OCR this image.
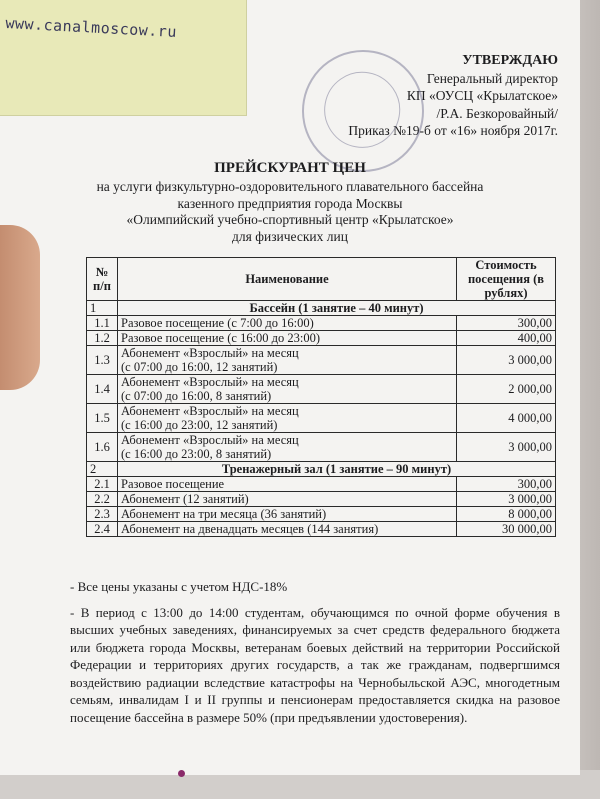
УТВЕРЖДАЮ
Генеральный директор
КП «ОУСЦ «Крылатское»
/Р.А. Безкоровайный/
Приказ №19-б от «16» ноября 2017г.
ПРЕЙСКУРАНТ ЦЕН
на услуги физкультурно-оздоровительного плавательного бассейна
казенного предприятия города Москвы
«Олимпийский учебно-спортивный центр «Крылатское»
для физических лиц
№ п/п	Наименование	Стоимость посещения (в рублях)
1	Бассейн (1 занятие – 40 минут)	
1.1	Разовое посещение (с 7:00 до 16:00)	300,00
1.2	Разовое посещение (с 16:00 до 23:00)	400,00
1.3	Абонемент «Взрослый» на месяц
(с 07:00 до 16:00, 12 занятий)	3 000,00
1.4	Абонемент «Взрослый» на месяц
(с 07:00 до 16:00, 8 занятий)	2 000,00
1.5	Абонемент «Взрослый» на месяц
(с 16:00 до 23:00, 12 занятий)	4 000,00
1.6	Абонемент «Взрослый» на месяц
(с 16:00 до 23:00, 8 занятий)	3 000,00
2	Тренажерный зал (1 занятие – 90 минут)	
2.1	Разовое посещение	300,00
2.2	Абонемент (12 занятий)	3 000,00
2.3	Абонемент на три месяца (36 занятий)	8 000,00
2.4	Абонемент на двенадцать месяцев (144 занятия)	30 000,00
- Все цены указаны с учетом НДС-18%
- В период с 13:00 до 14:00 студентам, обучающимся по очной форме обучения в высших учебных заведениях, финансируемых за счет средств федерального бюджета или бюджета города Москвы, ветеранам боевых действий на территории Российской Федерации и территориях других государств, а так же гражданам, подвергшимся воздействию радиации вследствие катастрофы на Чернобыльской АЭС, многодетным семьям, инвалидам I и II группы и пенсионерам предоставляется скидка на разовое посещение бассейна в размере 50% (при предъявлении удостоверения).
www.canalmoscow.ru
